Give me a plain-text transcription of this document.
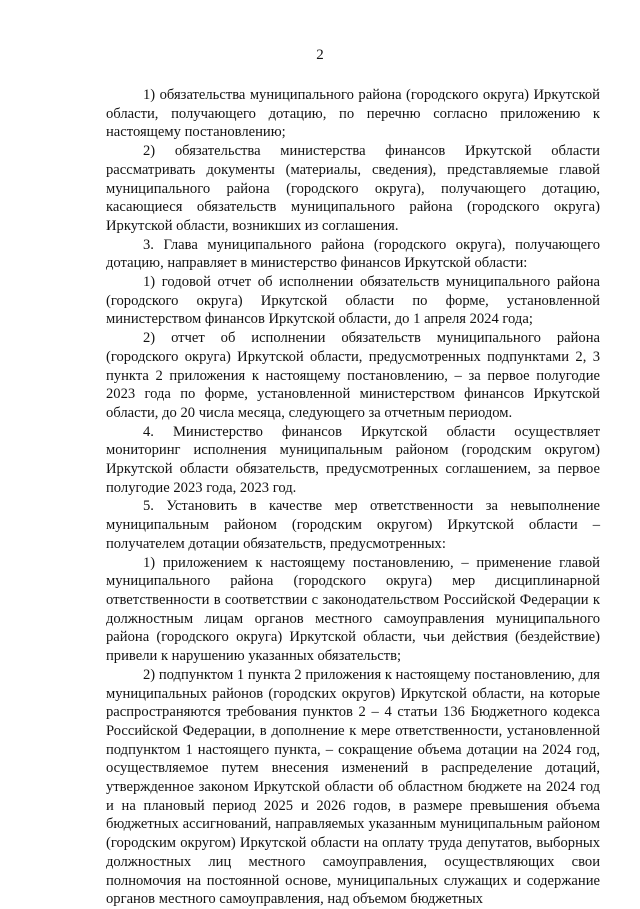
2

1) обязательства муниципального района (городского округа) Иркутской области, получающего дотацию, по перечню согласно приложению к настоящему постановлению;

2) обязательства министерства финансов Иркутской области рассматривать документы (материалы, сведения), представляемые главой муниципального района (городского округа), получающего дотацию, касающиеся обязательств муниципального района (городского округа) Иркутской области, возникших из соглашения.

3. Глава муниципального района (городского округа), получающего дотацию, направляет в министерство финансов Иркутской области:

1) годовой отчет об исполнении обязательств муниципального района (городского округа) Иркутской области по форме, установленной министерством финансов Иркутской области, до 1 апреля 2024 года;

2) отчет об исполнении обязательств муниципального района (городского округа) Иркутской области, предусмотренных подпунктами 2, 3 пункта 2 приложения к настоящему постановлению, – за первое полугодие 2023 года по форме, установленной министерством финансов Иркутской области, до 20 числа месяца, следующего за отчетным периодом.

4. Министерство финансов Иркутской области осуществляет мониторинг исполнения муниципальным районом (городским округом) Иркутской области обязательств, предусмотренных соглашением, за первое полугодие 2023 года, 2023 год.

5. Установить в качестве мер ответственности за невыполнение муниципальным районом (городским округом) Иркутской области – получателем дотации обязательств, предусмотренных:

1) приложением к настоящему постановлению, – применение главой муниципального района (городского округа) мер дисциплинарной ответственности в соответствии с законодательством Российской Федерации к должностным лицам органов местного самоуправления муниципального района (городского округа) Иркутской области, чьи действия (бездействие) привели к нарушению указанных обязательств;

2) подпунктом 1 пункта 2 приложения к настоящему постановлению, для муниципальных районов (городских округов) Иркутской области, на которые распространяются требования пунктов 2 – 4 статьи 136 Бюджетного кодекса Российской Федерации, в дополнение к мере ответственности, установленной подпунктом 1 настоящего пункта, – сокращение объема дотации на 2024 год, осуществляемое путем внесения изменений в распределение дотаций, утвержденное законом Иркутской области об областном бюджете на 2024 год и на плановый период 2025 и 2026 годов, в размере превышения объема бюджетных ассигнований, направляемых указанным муниципальным районом (городским округом) Иркутской области на оплату труда депутатов, выборных должностных лиц местного самоуправления, осуществляющих свои полномочия на постоянной основе, муниципальных служащих и содержание органов местного самоуправления, над объемом бюджетных
